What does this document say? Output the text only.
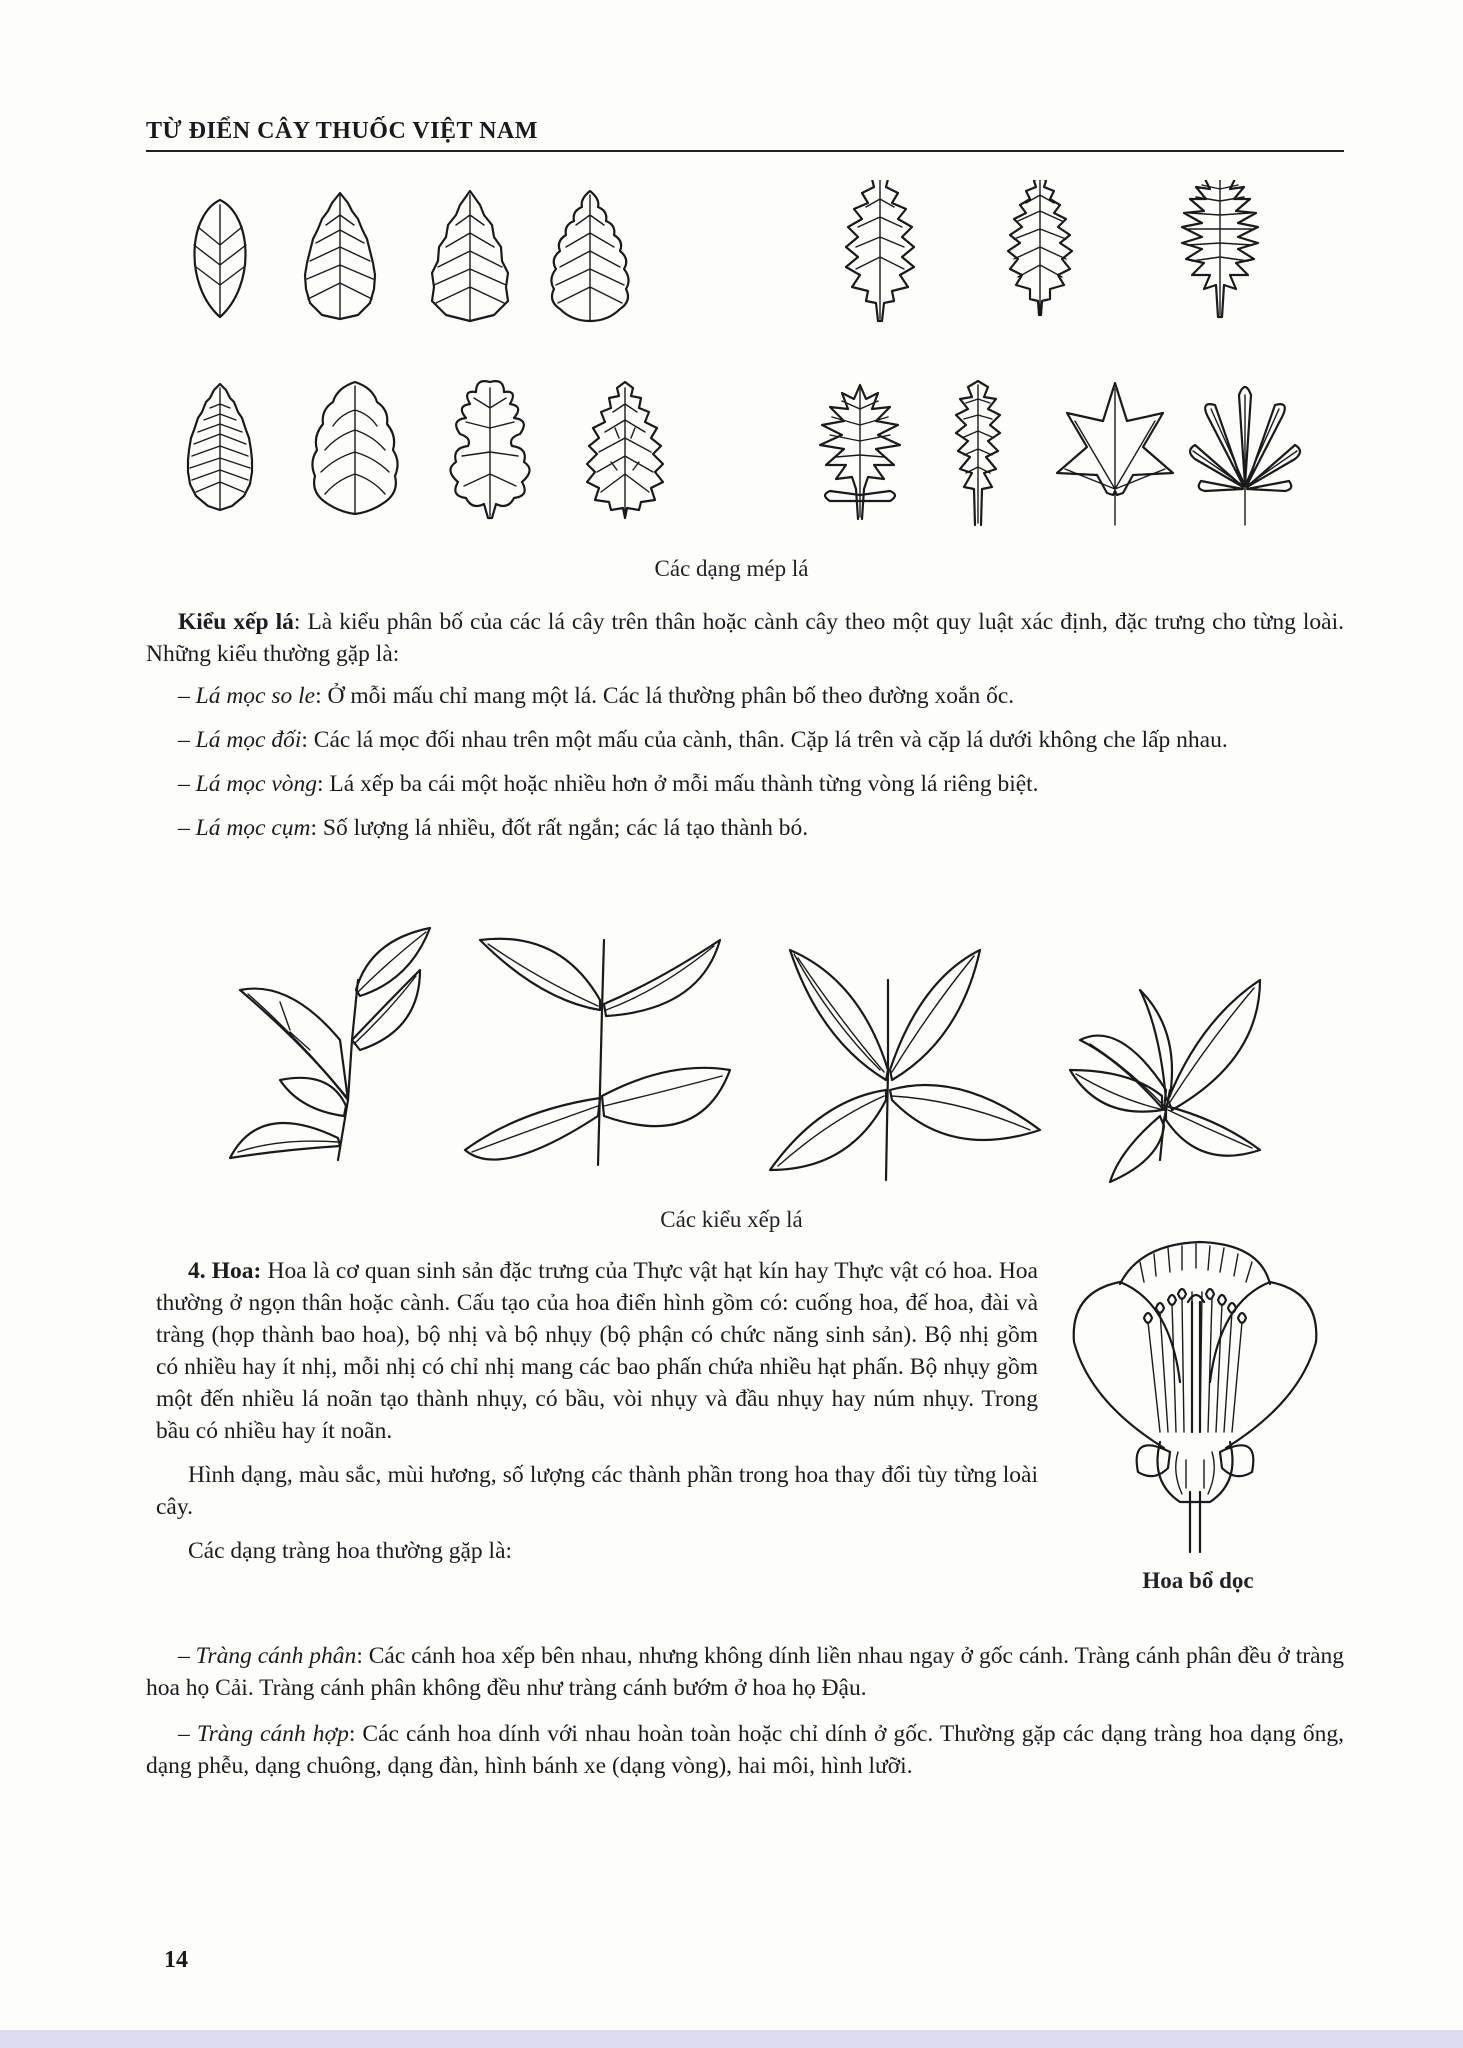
TỪ ĐIỂN CÂY THUỐC VIỆT NAM
Các dạng mép lá

Kiểu xếp lá: Là kiểu phân bố của các lá cây trên thân hoặc cành cây theo một quy luật xác định, đặc trưng cho từng loài. Những kiểu thường gặp là:

– Lá mọc so le: Ở mỗi mấu chỉ mang một lá. Các lá thường phân bố theo đường xoắn ốc.

– Lá mọc đối: Các lá mọc đối nhau trên một mấu của cành, thân. Cặp lá trên và cặp lá dưới không che lấp nhau.

– Lá mọc vòng: Lá xếp ba cái một hoặc nhiều hơn ở mỗi mấu thành từng vòng lá riêng biệt.

– Lá mọc cụm: Số lượng lá nhiều, đốt rất ngắn; các lá tạo thành bó.

Các kiểu xếp lá

4. Hoa: Hoa là cơ quan sinh sản đặc trưng của Thực vật hạt kín hay Thực vật có hoa. Hoa thường ở ngọn thân hoặc cành. Cấu tạo của hoa điển hình gồm có: cuống hoa, đế hoa, đài và tràng (họp thành bao hoa), bộ nhị và bộ nhụy (bộ phận có chức năng sinh sản). Bộ nhị gồm có nhiều hay ít nhị, mỗi nhị có chỉ nhị mang các bao phấn chứa nhiều hạt phấn. Bộ nhụy gồm một đến nhiều lá noãn tạo thành nhụy, có bầu, vòi nhụy và đầu nhụy hay núm nhụy. Trong bầu có nhiều hay ít noãn.

Hình dạng, màu sắc, mùi hương, số lượng các thành phần trong hoa thay đổi tùy từng loài cây.

Các dạng tràng hoa thường gặp là:

Hoa bổ dọc

– Tràng cánh phân: Các cánh hoa xếp bên nhau, nhưng không dính liền nhau ngay ở gốc cánh. Tràng cánh phân đều ở tràng hoa họ Cải. Tràng cánh phân không đều như tràng cánh bướm ở hoa họ Đậu.

– Tràng cánh hợp: Các cánh hoa dính với nhau hoàn toàn hoặc chỉ dính ở gốc. Thường gặp các dạng tràng hoa dạng ống, dạng phễu, dạng chuông, dạng đàn, hình bánh xe (dạng vòng), hai môi, hình lưỡi.

14
